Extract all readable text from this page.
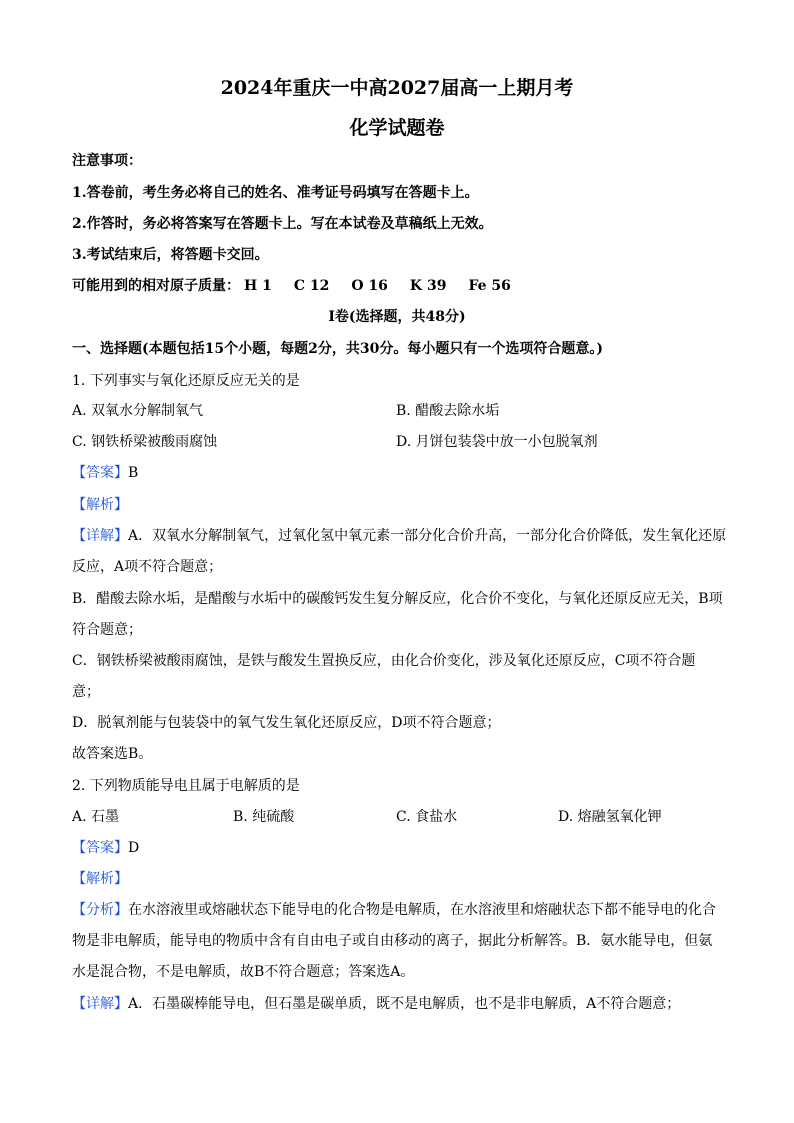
2024年重庆一中高2027届高一上期月考
化学试题卷
注意事项：
1.答卷前，考生务必将自己的姓名、准考证号码填写在答题卡上。
2.作答时，务必将答案写在答题卡上。写在本试卷及草稿纸上无效。
3.考试结束后，将答题卡交回。
可能用到的相对原子质量： H 1 C 12 O 16 K 39 Fe 56
I卷(选择题，共48分)
一、选择题(本题包括15个小题，每题2分，共30分。每小题只有一个选项符合题意。)
1. 下列事实与氧化还原反应无关的是
A. 双氧水分解制氧气	B. 醋酸去除水垢
C. 钢铁桥梁被酸雨腐蚀	D. 月饼包装袋中放一小包脱氧剂
【答案】B
【解析】
【详解】A．双氧水分解制氧气，过氧化氢中氧元素一部分化合价升高，一部分化合价降低，发生氧化还原
反应，A项不符合题意；
B．醋酸去除水垢，是醋酸与水垢中的碳酸钙发生复分解反应，化合价不变化，与氧化还原反应无关，B项
符合题意；
C．钢铁桥梁被酸雨腐蚀，是铁与酸发生置换反应，由化合价变化，涉及氧化还原反应，C项不符合题
意；
D．脱氧剂能与包装袋中的氧气发生氧化还原反应，D项不符合题意；
故答案选B。
2. 下列物质能导电且属于电解质的是
A. 石墨	B. 纯硫酸	C. 食盐水	D. 熔融氢氧化钾
【答案】D
【解析】
【分析】在水溶液里或熔融状态下能导电的化合物是电解质，在水溶液里和熔融状态下都不能导电的化合
物是非电解质，能导电的物质中含有自由电子或自由移动的离子，据此分析解答。B．氨水能导电，但氨
水是混合物，不是电解质，故B不符合题意；答案选A。
【详解】A．石墨碳棒能导电，但石墨是碳单质，既不是电解质，也不是非电解质，A不符合题意；
